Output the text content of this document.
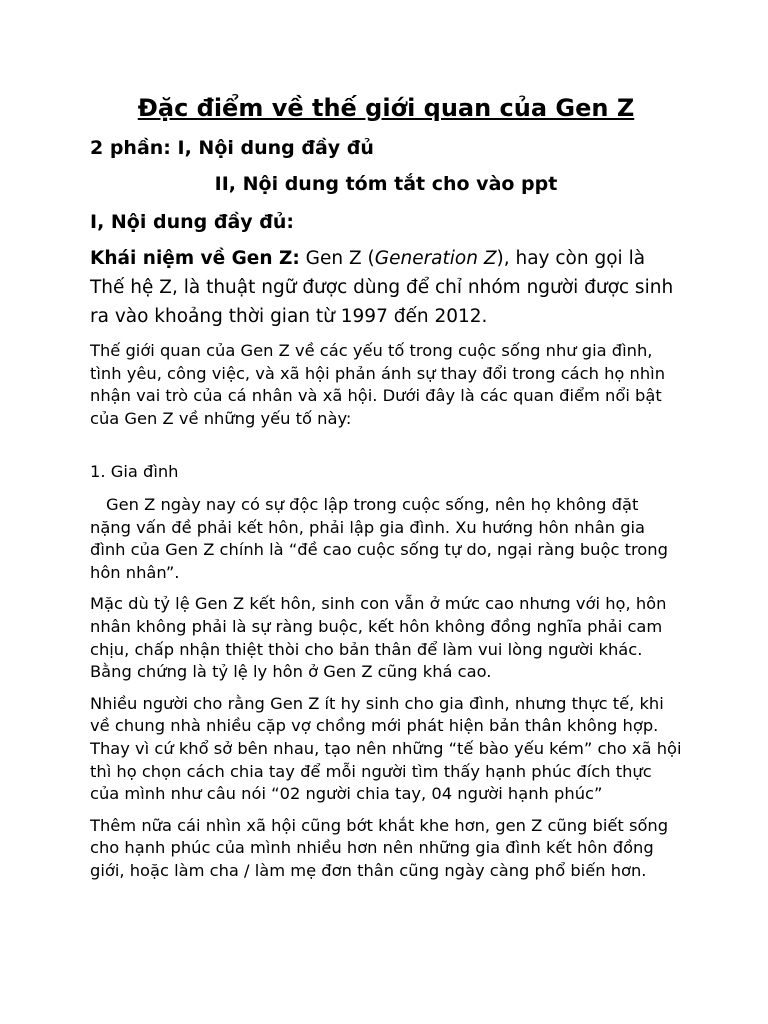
Đặc điểm về thế giới quan của Gen Z

2 phần: I, Nội dung đầy đủ

II, Nội dung tóm tắt cho vào ppt

I, Nội dung đầy đủ:

Khái niệm về Gen Z: Gen Z (Generation Z), hay còn gọi là Thế hệ Z, là thuật ngữ được dùng để chỉ nhóm người được sinh ra vào khoảng thời gian từ 1997 đến 2012.

Thế giới quan của Gen Z về các yếu tố trong cuộc sống như gia đình, tình yêu, công việc, và xã hội phản ánh sự thay đổi trong cách họ nhìn nhận vai trò của cá nhân và xã hội. Dưới đây là các quan điểm nổi bật của Gen Z về những yếu tố này:

1. Gia đình

Gen Z ngày nay có sự độc lập trong cuộc sống, nên họ không đặt nặng vấn đề phải kết hôn, phải lập gia đình. Xu hướng hôn nhân gia đình của Gen Z chính là “đề cao cuộc sống tự do, ngại ràng buộc trong hôn nhân”.

Mặc dù tỷ lệ Gen Z kết hôn, sinh con vẫn ở mức cao nhưng với họ, hôn nhân không phải là sự ràng buộc, kết hôn không đồng nghĩa phải cam chịu, chấp nhận thiệt thòi cho bản thân để làm vui lòng người khác. Bằng chứng là tỷ lệ ly hôn ở Gen Z cũng khá cao.

Nhiều người cho rằng Gen Z ít hy sinh cho gia đình, nhưng thực tế, khi về chung nhà nhiều cặp vợ chồng mới phát hiện bản thân không hợp. Thay vì cứ khổ sở bên nhau, tạo nên những “tế bào yếu kém” cho xã hội thì họ chọn cách chia tay để mỗi người tìm thấy hạnh phúc đích thực của mình như câu nói “02 người chia tay, 04 người hạnh phúc”

Thêm nữa cái nhìn xã hội cũng bớt khắt khe hơn, gen Z cũng biết sống cho hạnh phúc của mình nhiều hơn nên những gia đình kết hôn đồng giới, hoặc làm cha / làm mẹ đơn thân cũng ngày càng phổ biến hơn.
